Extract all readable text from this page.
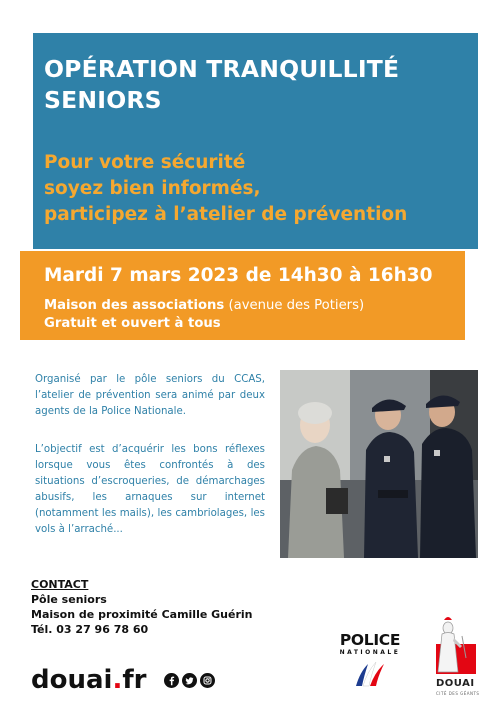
OPÉRATION TRANQUILLITÉ
SENIORS
Pour votre sécurité
soyez bien informés,
participez à l’atelier de prévention
Mardi 7 mars 2023 de 14h30 à 16h30
Maison des associations (avenue des Potiers)
Gratuit et ouvert à tous

Organisé par le pôle seniors du CCAS, l’atelier de prévention sera animé par deux agents de la Police Nationale.

L’objectif est d’acquérir les bons réflexes lorsque vous êtes confrontés à des situations d’escroqueries, de démarchages abusifs, les arnaques sur internet (notamment les mails), les cambriolages, les vols à l’arraché...

CONTACT
Pôle seniors
Maison de proximité Camille Guérin
Tél. 03 27 96 78 60
douai.fr
POLICE
NATIONALE
DOUAI
CITÉ DES GÉANTS
